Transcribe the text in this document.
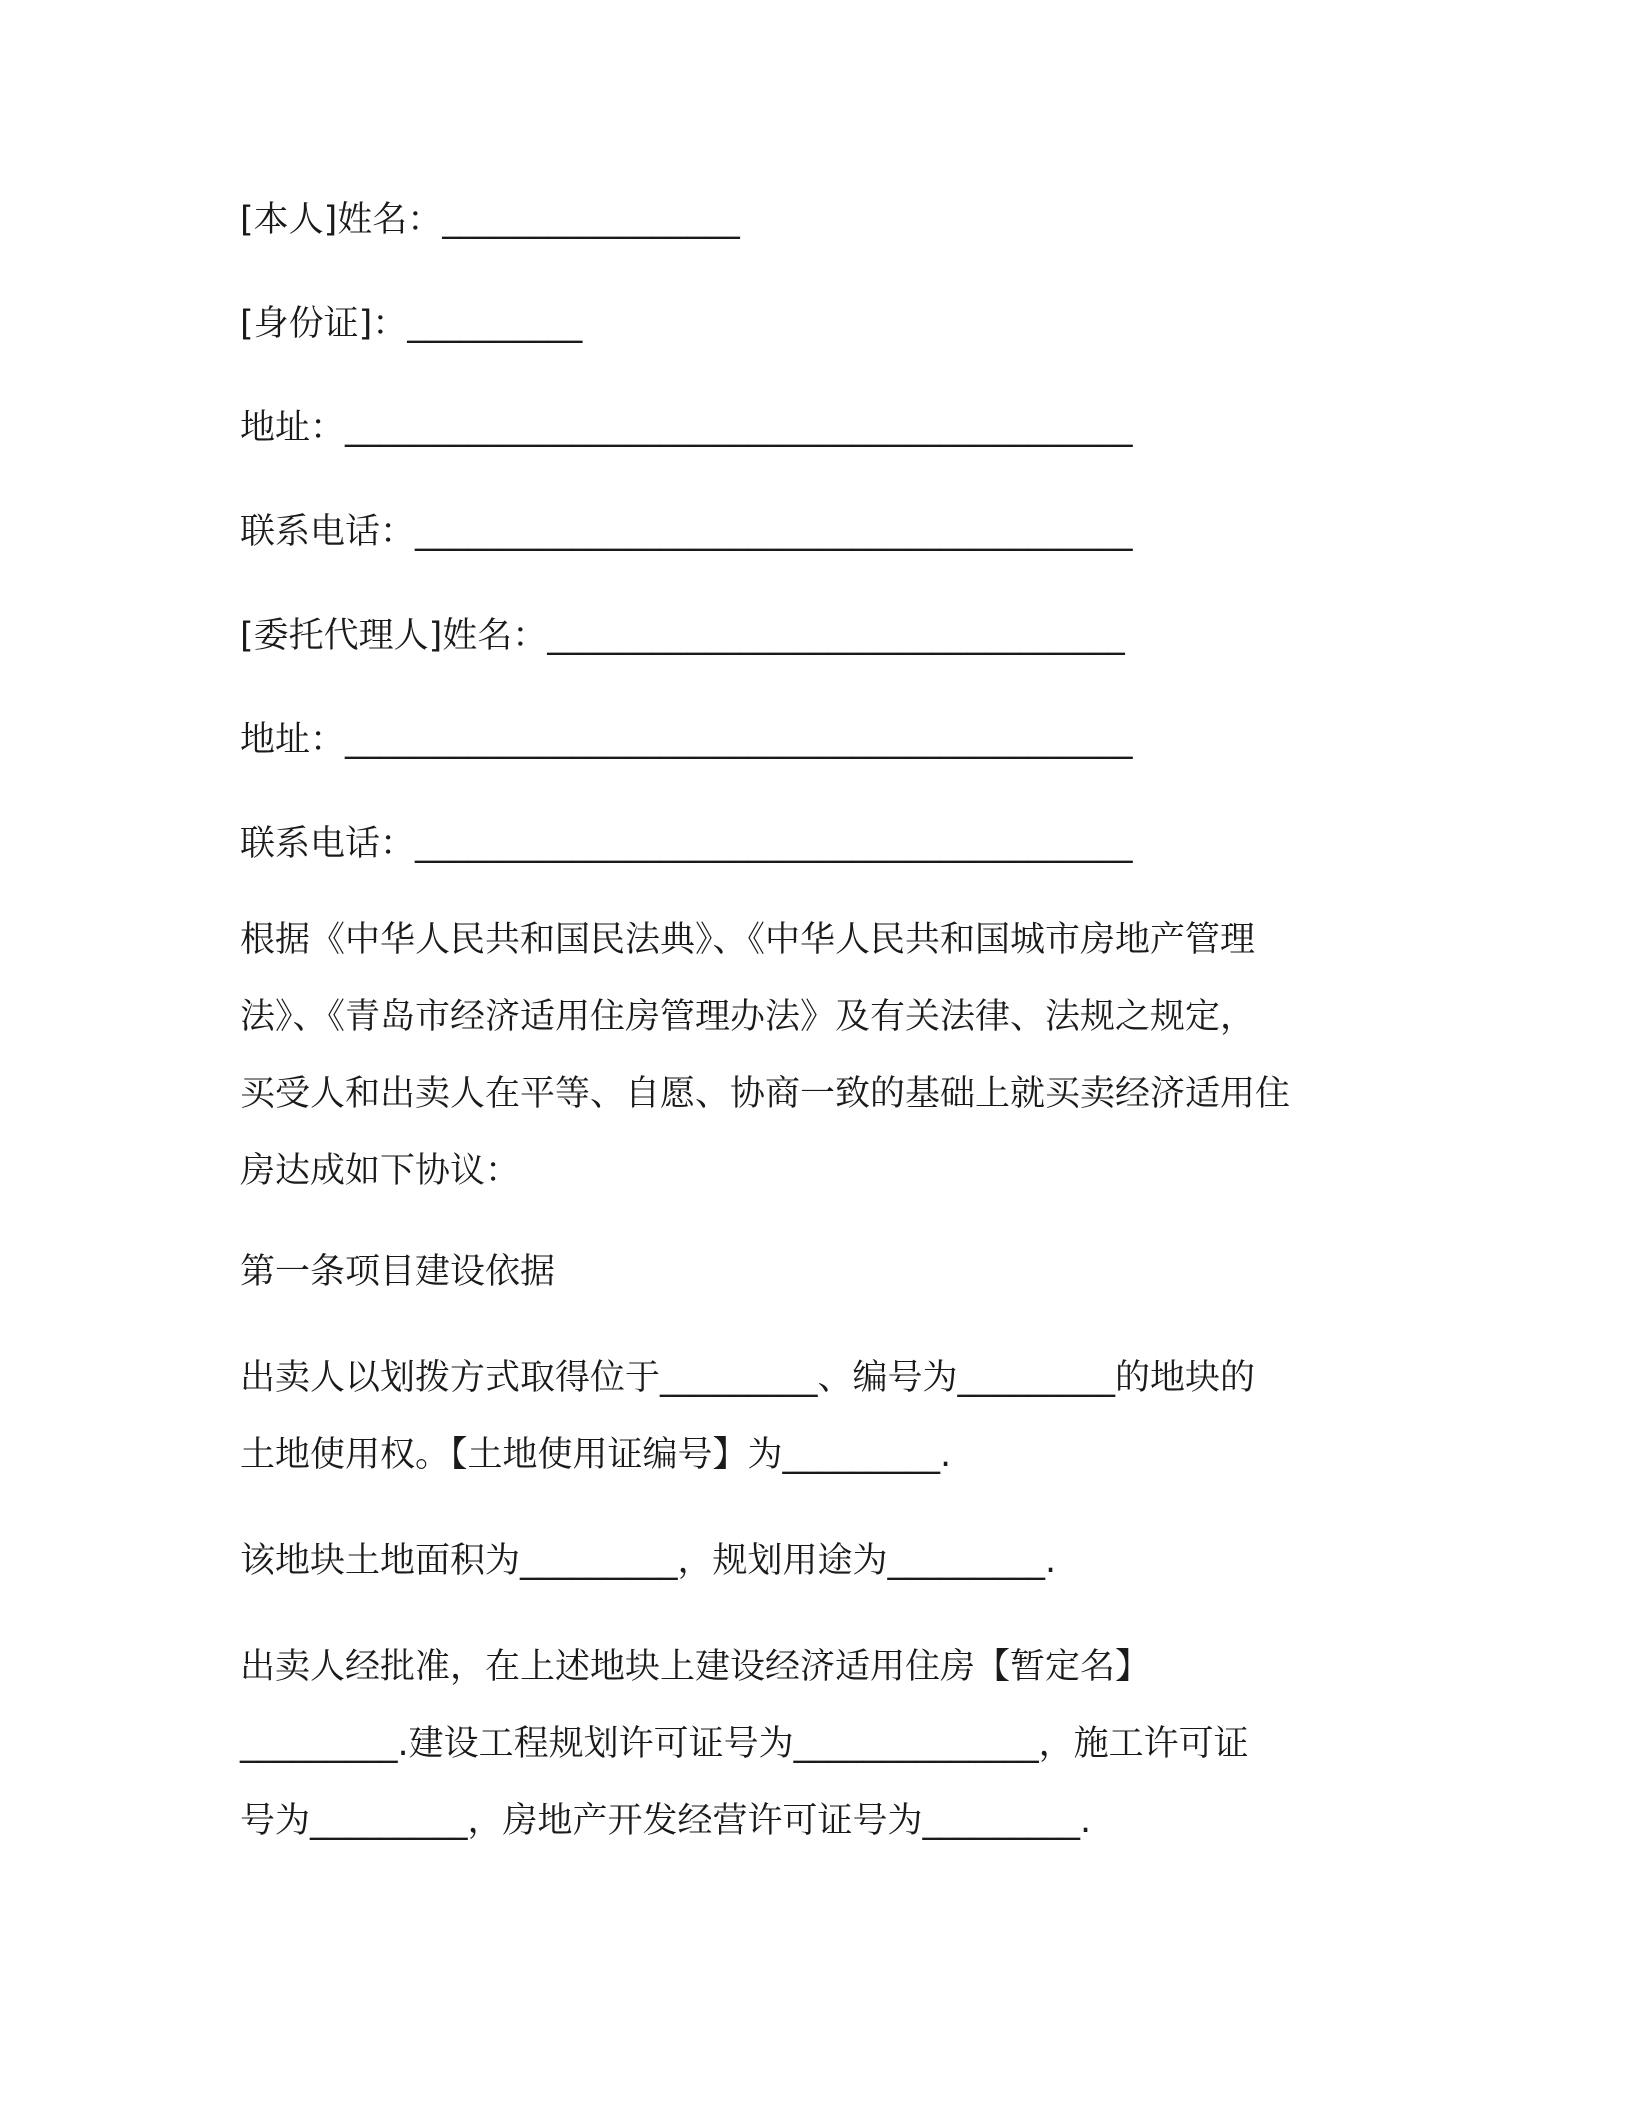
[本人]姓名：_________________

[身份证]：__________

地址：_____________________________________________

联系电话：_________________________________________

[委托代理人]姓名：_________________________________

地址：_____________________________________________

联系电话：_________________________________________

根据《中华人民共和国民法典》、《中华人民共和国城市房地产管理

法》、《青岛市经济适用住房管理办法》及有关法律、法规之规定，

买受人和出卖人在平等、自愿、协商一致的基础上就买卖经济适用住

房达成如下协议：

第一条项目建设依据

出卖人以划拨方式取得位于_________、编号为_________的地块的

土地使用权。【土地使用证编号】为_________.

该地块土地面积为_________，规划用途为_________.

出卖人经批准，在上述地块上建设经济适用住房【暂定名】

_________.建设工程规划许可证号为______________，施工许可证

号为_________，房地产开发经营许可证号为_________.
